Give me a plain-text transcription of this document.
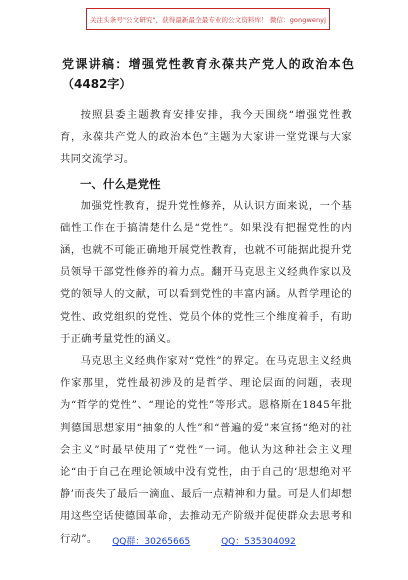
关注头条号"公文研究"，获得最新最全最专业的公文资料库！ 微信：gongwenyj
党课讲稿：增强党性教育永葆共产党人的政治本色（4482字）

按照县委主题教育安排安排，我今天围绕“增强党性教育，永葆共产党人的政治本色”主题为大家讲一堂党课与大家共同交流学习。

一、什么是党性

加强党性教育，提升党性修养，从认识方面来说，一个基础性工作在于搞清楚什么是“党性”。如果没有把握党性的内涵，也就不可能正确地开展党性教育，也就不可能据此提升党员领导干部党性修养的着力点。翻开马克思主义经典作家以及党的领导人的文献，可以看到党性的丰富内涵。从哲学理论的党性、政党组织的党性、党员个体的党性三个维度着手，有助于正确考量党性的涵义。

马克思主义经典作家对“党性”的界定。在马克思主义经典作家那里，党性最初涉及的是哲学、理论层面的问题，表现为“哲学的党性”、“理论的党性”等形式。恩格斯在1845年批判德国思想家用“抽象的人性”和“普遍的爱”来宣扬“绝对的社会主义”时最早使用了“党性”一词。他认为这种社会主义理论“由于自己在理论领域中没有党性，由于自己的‘思想绝对平静’而丧失了最后一滴血、最后一点精神和力量。可是人们却想用这些空话使德国革命，去推动无产阶级并促使群众去思考和行动”。	QQ群：30265665	QQ：535304092
